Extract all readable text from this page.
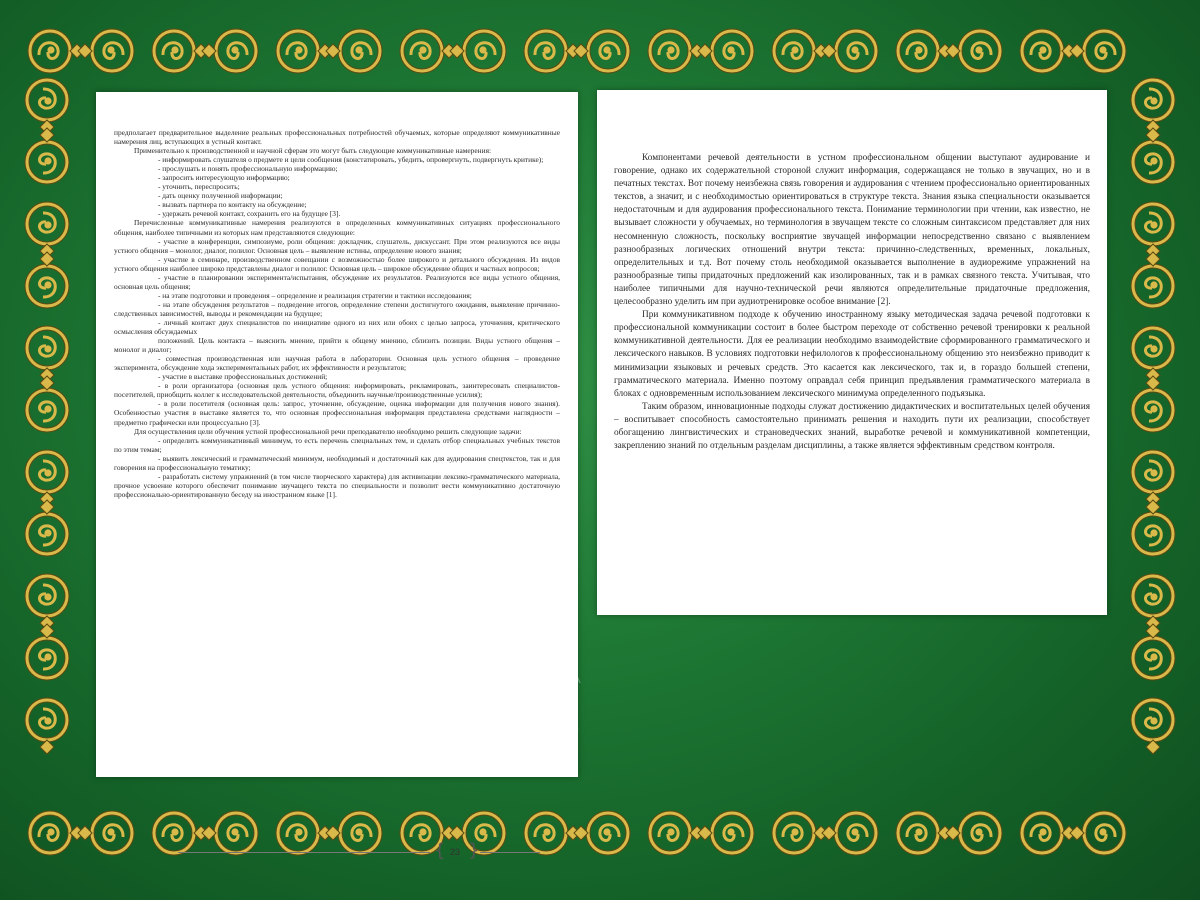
предполагает предварительное выделение реальных профессиональных потребностей обучаемых, которые определяют коммуникативные намерения лиц, вступающих в устный контакт.

Применительно к производственной и научной сферам это могут быть следующие коммуникативные намерения:

- информировать слушателя о предмете и цели сообщения (констатировать, убедить, опровергнуть, подвергнуть критике);

- прослушать и понять профессиональную информацию;

- запросить интересующую информацию;

- уточнить, переспросить;

- дать оценку полученной информации;

- вызвать партнера по контакту на обсуждение;

- удержать речевой контакт, сохранить его на будущее [3].

Перечисленные коммуникативные намерения реализуются в определенных коммуникативных ситуациях профессионального общения, наиболее типичными из которых нам представляются следующие:

- участие в конференции, симпозиуме, роли общения: докладчик, слушатель, дискуссант. При этом реализуются все виды устного общения – монолог, диалог, полилог. Основная цель – выявление истины, определение нового знания;

- участие в семинаре, производственном совещании с возможностью более широкого и детального обсуждения. Из видов устного общения наиболее широко представлены диалог и полилог. Основная цель – широкое обсуждение общих и частных вопросов;

- участие в планировании эксперимента/испытания, обсуждение их результатов. Реализуются все виды устного общения, основная цель общения;

- на этапе подготовки и проведения – определение и реализация стратегии и тактики исследования;

- на этапе обсуждения результатов – подведение итогов, определение степени достигнутого ожидания, выявление причинно-следственных зависимостей, выводы и рекомендации на будущее;

- личный контакт двух специалистов по инициативе одного из них или обоих с целью запроса, уточнения, критического осмысления обсуждаемых

положений. Цель контакта – выяснить мнение, прийти к общему мнению, сблизить позиции. Виды устного общения – монолог и диалог;

- совместная производственная или научная работа в лаборатории. Основная цель устного общения – проведение эксперимента, обсуждение хода экспериментальных работ, их эффективности и результатов;

- участие в выставке профессиональных достижений;

- в роли организатора (основная цель устного общения: информировать, рекламировать, заинтересовать специалистов-посетителей, приобщить коллег к исследовательской деятельности, объединить научные/производственные усилия);

- в роли посетителя (основная цель: запрос, уточнение, обсуждение, оценка информации для получения нового знания). Особенностью участия в выставке является то, что основная профессиональная информация представлена средствами наглядности – предметно графически или процессуально [3].

Для осуществления цели обучения устной профессиональной речи преподавателю необходимо решить следующие задачи:

- определить коммуникативный минимум, то есть перечень специальных тем, и сделать отбор специальных учебных текстов по этим темам;

- выявить лексический и грамматический минимум, необходимый и достаточный как для аудирования спецтекстов, так и для говорения на профессиональную тематику;

- разработать систему упражнений (в том числе творческого характера) для активизации лексико-грамматического материала, прочное усвоение которого обеспечит понимание звучащего текста по специальности и позволит вести коммуникативно достаточную профессионально-ориентированную беседу на иностранном языке [1].

{ 23 }
А
ч
р

Компонентами речевой деятельности в устном профессиональном общении выступают аудирование и говорение, однако их содержательной стороной служит информация, содержащаяся не только в звучащих, но и в печатных текстах. Вот почему неизбежна связь говорения и аудирования с чтением профессионально ориентированных текстов, а значит, и с необходимостью ориентироваться в структуре текста. Знания языка специальности оказывается недостаточным и для аудирования профессионального текста. Понимание терминологии при чтении, как известно, не вызывает сложности у обучаемых, но терминология в звучащем тексте со сложным синтаксисом представляет для них несомненную сложность, поскольку восприятие звучащей информации непосредственно связано с выявлением разнообразных логических отношений внутри текста: причинно-следственных, временных, локальных, определительных и т.д. Вот почему столь необходимой оказывается выполнение в аудиорежиме упражнений на разнообразные типы придаточных предложений как изолированных, так и в рамках связного текста. Учитывая, что наиболее типичными для научно-технической речи являются определительные придаточные предложения, целесообразно уделить им при аудиотренировке особое внимание [2].

При коммуникативном подходе к обучению иностранному языку методическая задача речевой подготовки к профессиональной коммуникации состоит в более быстром переходе от собственно речевой тренировки к реальной коммуникативной деятельности. Для ее реализации необходимо взаимодействие сформированного грамматического и лексического навыков. В условиях подготовки нефилологов к профессиональному общению это неизбежно приводит к минимизации языковых и речевых средств. Это касается как лексического, так и, в гораздо большей степени, грамматического материала. Именно поэтому оправдал себя принцип предъявления грамматического материала в блоках с одновременным использованием лексического минимума определенного подъязыка.

Таким образом, инновационные подходы служат достижению дидактических и воспитательных целей обучения – воспитывает способность самостоятельно принимать решения и находить пути их реализации, способствует обогащению лингвистических и страноведческих знаний, выработке речевой и коммуникативной компетенции, закреплению знаний по отдельным разделам дисциплины, а также является эффективным средством контроля.
